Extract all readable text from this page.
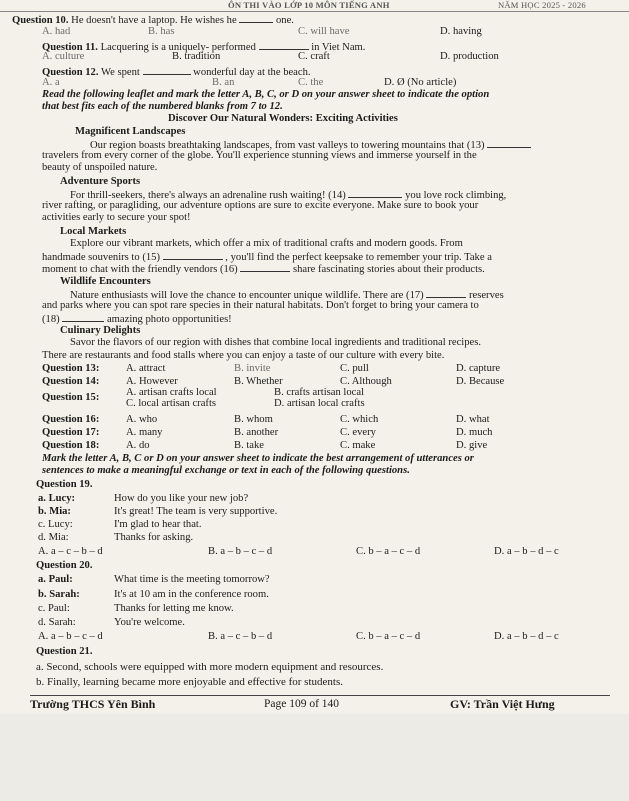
ÔN THI VÀO LỚP 10 MÔN TIẾNG ANH	NĂM HỌC 2025 - 2026
Question 10. He doesn't have a laptop. He wishes he	one.
A. had	B. has	C. will have	D. having
Question 11. Lacquering is a uniquely- performed	in Viet Nam.
A. culture	B. tradition	C. craft	D. production
Question 12. We spent	wonderful day at the beach.
A. a	B. an	C. the	D. Ø (No article)
Read the following leaflet and mark the letter A, B, C, or D on your answer sheet to indicate the option
that best fits each of the numbered blanks from 7 to 12.
Discover Our Natural Wonders: Exciting Activities
Magnificent Landscapes
Our region boasts breathtaking landscapes, from vast valleys to towering mountains that (13)
travelers from every corner of the globe. You'll experience stunning views and immerse yourself in the
beauty of unspoiled nature.
Adventure Sports
For thrill-seekers, there's always an adrenaline rush waiting! (14)	you love rock climbing,
river rafting, or paragliding, our adventure options are sure to excite everyone. Make sure to book your
activities early to secure your spot!
Local Markets
Explore our vibrant markets, which offer a mix of traditional crafts and modern goods. From
handmade souvenirs to (15)	, you'll find the perfect keepsake to remember your trip. Take a
moment to chat with the friendly vendors (16)	share fascinating stories about their products.
Wildlife Encounters
Nature enthusiasts will love the chance to encounter unique wildlife. There are (17)	reserves
and parks where you can spot rare species in their natural habitats. Don't forget to bring your camera to
(18)	amazing photo opportunities!
Culinary Delights
Savor the flavors of our region with dishes that combine local ingredients and traditional recipes.
There are restaurants and food stalls where you can enjoy a taste of our culture with every bite.
Question 13:	A. attract	B. invite	C. pull	D. capture
Question 14:	A. However	B. Whether	C. Although	D. Because
Question 15:	A. artisan crafts local	B. crafts artisan local
C. local artisan crafts	D. artisan local crafts
Question 16:	A. who	B. whom	C. which	D. what
Question 17:	A. many	B. another	C. every	D. much
Question 18:	A. do	B. take	C. make	D. give
Mark the letter A, B, C or D on your answer sheet to indicate the best arrangement of utterances or
sentences to make a meaningful exchange or text in each of the following questions.
Question 19.
a. Lucy:	How do you like your new job?
b. Mia:	It's great! The team is very supportive.
c. Lucy:	I'm glad to hear that.
d. Mia:	Thanks for asking.
A. a – c – b – d	B. a – b – c – d	C. b – a – c – d	D. a – b – d – c
Question 20.
a. Paul:	What time is the meeting tomorrow?
b. Sarah:	It's at 10 am in the conference room.
c. Paul:	Thanks for letting me know.
d. Sarah:	You're welcome.
A. a – b – c – d	B. a – c – b – d	C. b – a – c – d	D. a – b – d – c
Question 21.
a. Second, schools were equipped with more modern equipment and resources.
b. Finally, learning became more enjoyable and effective for students.
Trường THCS Yên Bình	Page 109 of 140	GV: Trần Việt Hưng
